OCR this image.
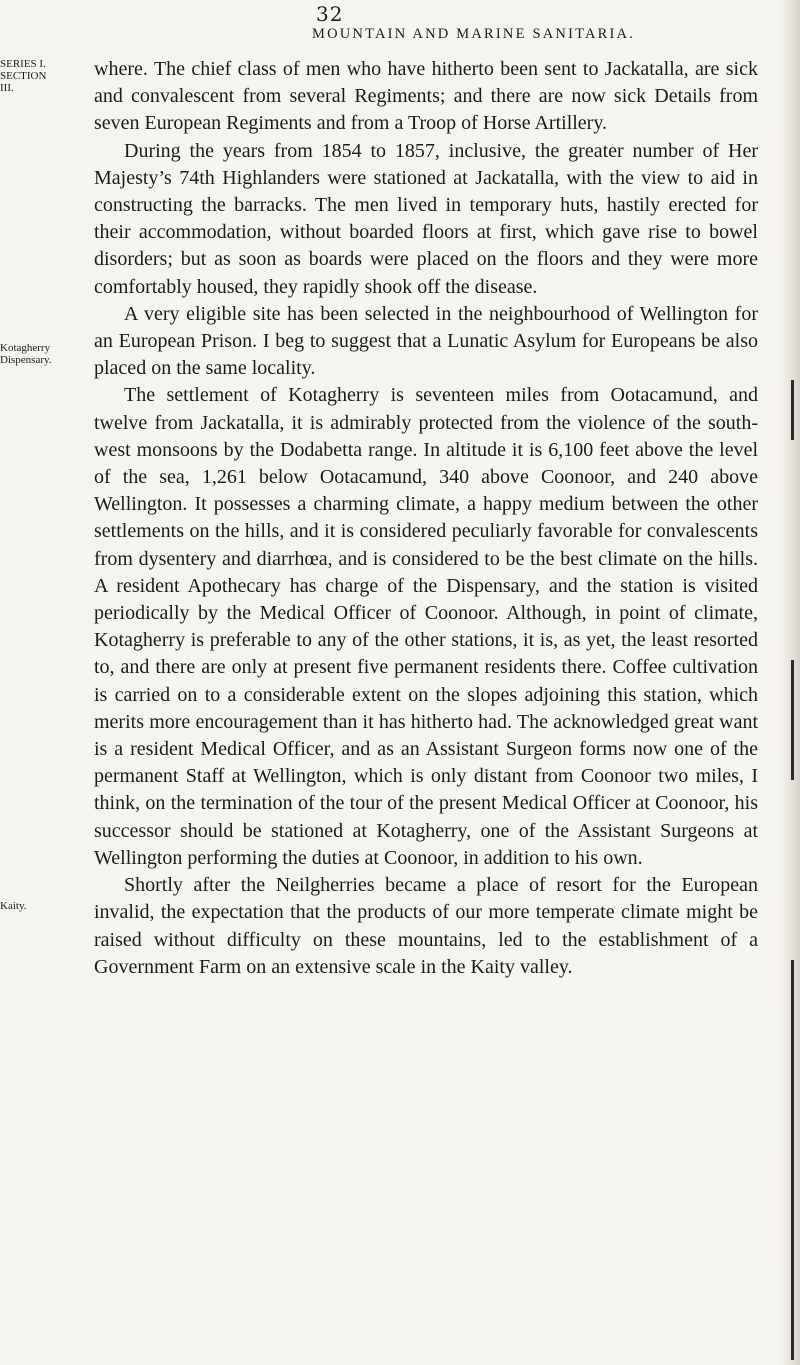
32
MOUNTAIN AND MARINE SANITARIA.
SERIES I.
SECTION III.
Kotagherry
Dispensary.
Kaity.

where. The chief class of men who have hitherto been sent to Jackatalla, are sick and convalescent from several Regiments; and there are now sick Details from seven European Regiments and from a Troop of Horse Artillery.

During the years from 1854 to 1857, inclusive, the greater number of Her Majesty’s 74th Highlanders were stationed at Jackatalla, with the view to aid in constructing the barracks. The men lived in temporary huts, hastily erected for their accommodation, without boarded floors at first, which gave rise to bowel disorders; but as soon as boards were placed on the floors and they were more comfortably housed, they rapidly shook off the disease.

A very eligible site has been selected in the neighbourhood of Wellington for an European Prison. I beg to suggest that a Lunatic Asylum for Europeans be also placed on the same locality.

The settlement of Kotagherry is seventeen miles from Ootacamund, and twelve from Jackatalla, it is admirably protected from the violence of the south-west monsoons by the Dodabetta range. In altitude it is 6,100 feet above the level of the sea, 1,261 below Ootacamund, 340 above Coonoor, and 240 above Wellington. It possesses a charming climate, a happy medium between the other settlements on the hills, and it is considered peculiarly favorable for convalescents from dysentery and diarrhœa, and is considered to be the best climate on the hills. A resident Apothecary has charge of the Dispensary, and the station is visited periodically by the Medical Officer of Coonoor. Although, in point of climate, Kotagherry is preferable to any of the other stations, it is, as yet, the least resorted to, and there are only at present five permanent residents there. Coffee cultivation is carried on to a considerable extent on the slopes adjoining this station, which merits more encouragement than it has hitherto had. The acknowledged great want is a resident Medical Officer, and as an Assistant Surgeon forms now one of the permanent Staff at Wellington, which is only distant from Coonoor two miles, I think, on the termination of the tour of the present Medical Officer at Coonoor, his successor should be stationed at Kotagherry, one of the Assistant Surgeons at Wellington performing the duties at Coonoor, in addition to his own.

Shortly after the Neilgherries became a place of resort for the European invalid, the expectation that the products of our more temperate climate might be raised without difficulty on these mountains, led to the establishment of a Government Farm on an extensive scale in the Kaity valley.
